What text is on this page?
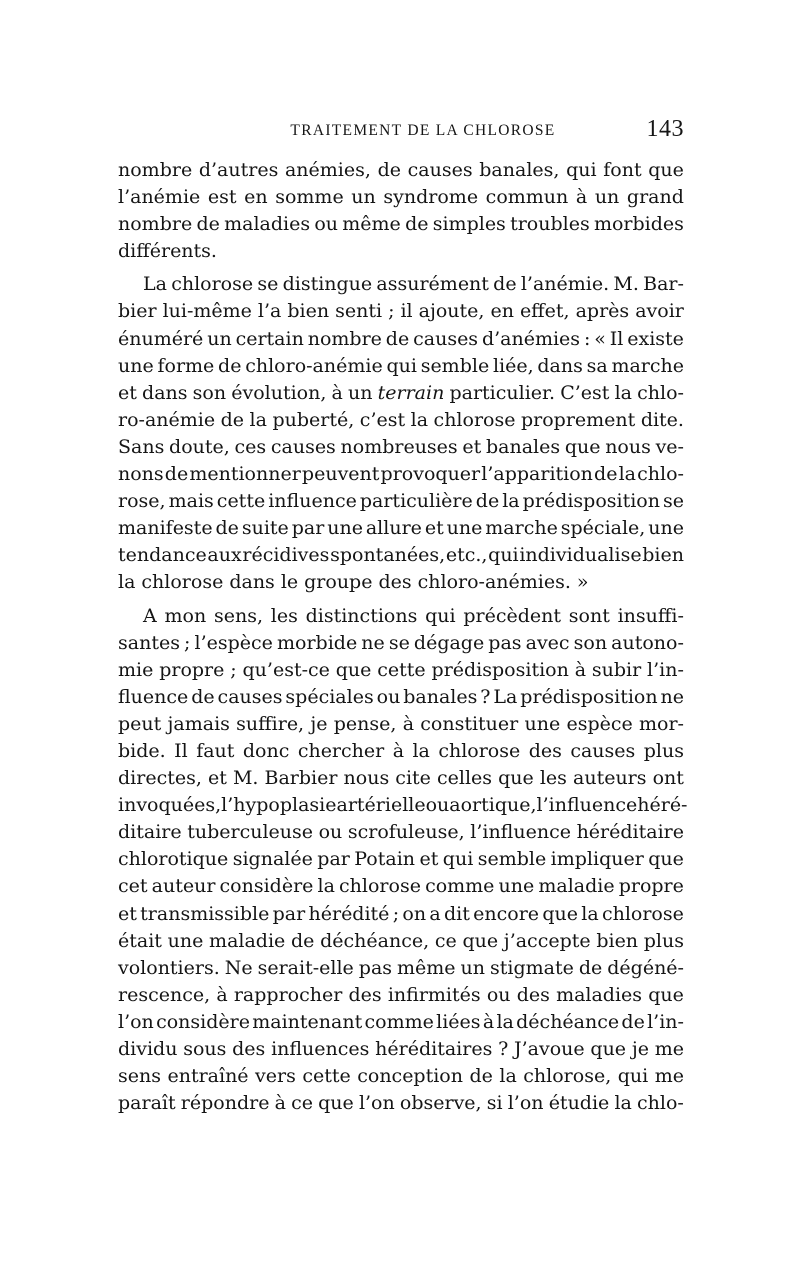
TRAITEMENT DE LA CHLOROSE	143
nombre d’autres anémies, de causes banales, qui font que
l’anémie est en somme un syndrome commun à un grand
nombre de maladies ou même de simples troubles morbides
différents.
La chlorose se distingue assurément de l’anémie. M. Bar-
bier lui-même l’a bien senti ; il ajoute, en effet, après avoir
énuméré un certain nombre de causes d’anémies : « Il existe
une forme de chloro-anémie qui semble liée, dans sa marche
et dans son évolution, à un terrain particulier. C’est la chlo-
ro-anémie de la puberté, c’est la chlorose proprement dite.
Sans doute, ces causes nombreuses et banales que nous ve-
nons de mentionner peuvent provoquer l’apparition de la chlo-
rose, mais cette influence particulière de la prédisposition se
manifeste de suite par une allure et une marche spéciale, une
tendance aux récidives spontanées, etc., qui individualise bien
la chlorose dans le groupe des chloro-anémies. »
A mon sens, les distinctions qui précèdent sont insuffi-
santes ; l’espèce morbide ne se dégage pas avec son autono-
mie propre ; qu’est-ce que cette prédisposition à subir l’in-
fluence de causes spéciales ou banales ? La prédisposition ne
peut jamais suffire, je pense, à constituer une espèce mor-
bide. Il faut donc chercher à la chlorose des causes plus
directes, et M. Barbier nous cite celles que les auteurs ont
invoquées, l’hypoplasie artérielle ou aortique, l’influence héré-
ditaire tuberculeuse ou scrofuleuse, l’influence héréditaire
chlorotique signalée par Potain et qui semble impliquer que
cet auteur considère la chlorose comme une maladie propre
et transmissible par hérédité ; on a dit encore que la chlorose
était une maladie de déchéance, ce que j’accepte bien plus
volontiers. Ne serait-elle pas même un stigmate de dégéné-
rescence, à rapprocher des infirmités ou des maladies que
l’on considère maintenant comme liées à la déchéance de l’in-
dividu sous des influences héréditaires ? J’avoue que je me
sens entraîné vers cette conception de la chlorose, qui me
paraît répondre à ce que l’on observe, si l’on étudie la chlo-
